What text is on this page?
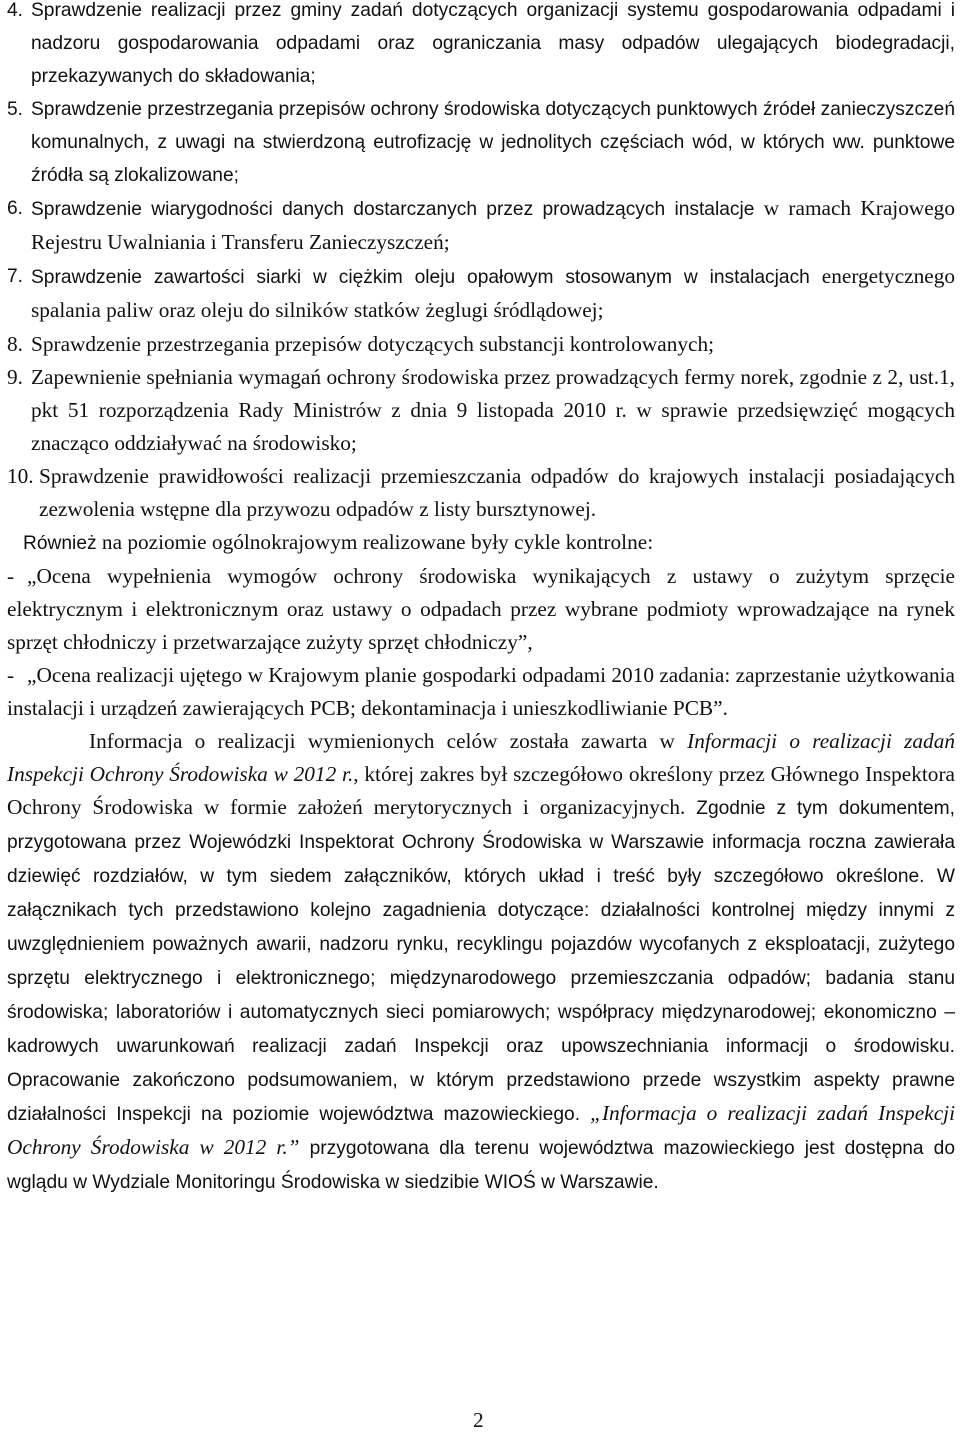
4. Sprawdzenie realizacji przez gminy zadań dotyczących organizacji systemu gospodarowania odpadami i nadzoru gospodarowania odpadami oraz ograniczania masy odpadów ulegających biodegradacji, przekazywanych do składowania;
5. Sprawdzenie przestrzegania przepisów ochrony środowiska dotyczących punktowych źródeł zanieczyszczeń komunalnych, z uwagi na stwierdzoną eutrofizację w jednolitych częściach wód, w których ww. punktowe źródła są zlokalizowane;
6. Sprawdzenie wiarygodności danych dostarczanych przez prowadzących instalacje w ramach Krajowego Rejestru Uwalniania i Transferu Zanieczyszczeń;
7. Sprawdzenie zawartości siarki w ciężkim oleju opałowym stosowanym w instalacjach energetycznego spalania paliw oraz oleju do silników statków żeglugi śródlądowej;
8. Sprawdzenie przestrzegania przepisów dotyczących substancji kontrolowanych;
9. Zapewnienie spełniania wymagań ochrony środowiska przez prowadzących fermy norek, zgodnie z 2, ust.1, pkt 51 rozporządzenia Rady Ministrów z dnia 9 listopada 2010 r. w sprawie przedsięwzięć mogących znacząco oddziaływać na środowisko;
10. Sprawdzenie prawidłowości realizacji przemieszczania odpadów do krajowych instalacji posiadających zezwolenia wstępne dla przywozu odpadów z listy bursztynowej.
Również na poziomie ogólnokrajowym realizowane były cykle kontrolne:
- „Ocena wypełnienia wymogów ochrony środowiska wynikających z ustawy o zużytym sprzęcie elektrycznym i elektronicznym oraz ustawy o odpadach przez wybrane podmioty wprowadzające na rynek sprzęt chłodniczy i przetwarzające zużyty sprzęt chłodniczy”,
- „Ocena realizacji ujętego w Krajowym planie gospodarki odpadami 2010 zadania: zaprzestanie użytkowania instalacji i urządzeń zawierających PCB; dekontaminacja i unieszkodliwianie PCB”.
Informacja o realizacji wymienionych celów została zawarta w Informacji o realizacji zadań Inspekcji Ochrony Środowiska w 2012 r., której zakres był szczegółowo określony przez Głównego Inspektora Ochrony Środowiska w formie założeń merytorycznych i organizacyjnych. Zgodnie z tym dokumentem, przygotowana przez Wojewódzki Inspektorat Ochrony Środowiska w Warszawie informacja roczna zawierała dziewięć rozdziałów, w tym siedem załączników, których układ i treść były szczegółowo określone. W załącznikach tych przedstawiono kolejno zagadnienia dotyczące: działalności kontrolnej między innymi z uwzględnieniem poważnych awarii, nadzoru rynku, recyklingu pojazdów wycofanych z eksploatacji, zużytego sprzętu elektrycznego i elektronicznego; międzynarodowego przemieszczania odpadów; badania stanu środowiska; laboratoriów i automatycznych sieci pomiarowych; współpracy międzynarodowej; ekonomiczno – kadrowych uwarunkowań realizacji zadań Inspekcji oraz upowszechniania informacji o środowisku. Opracowanie zakończono podsumowaniem, w którym przedstawiono przede wszystkim aspekty prawne działalności Inspekcji na poziomie województwa mazowieckiego. „Informacja o realizacji zadań Inspekcji Ochrony Środowiska w 2012 r.” przygotowana dla terenu województwa mazowieckiego jest dostępna do wglądu w Wydziale Monitoringu Środowiska w siedzibie WIOŚ w Warszawie.
2
